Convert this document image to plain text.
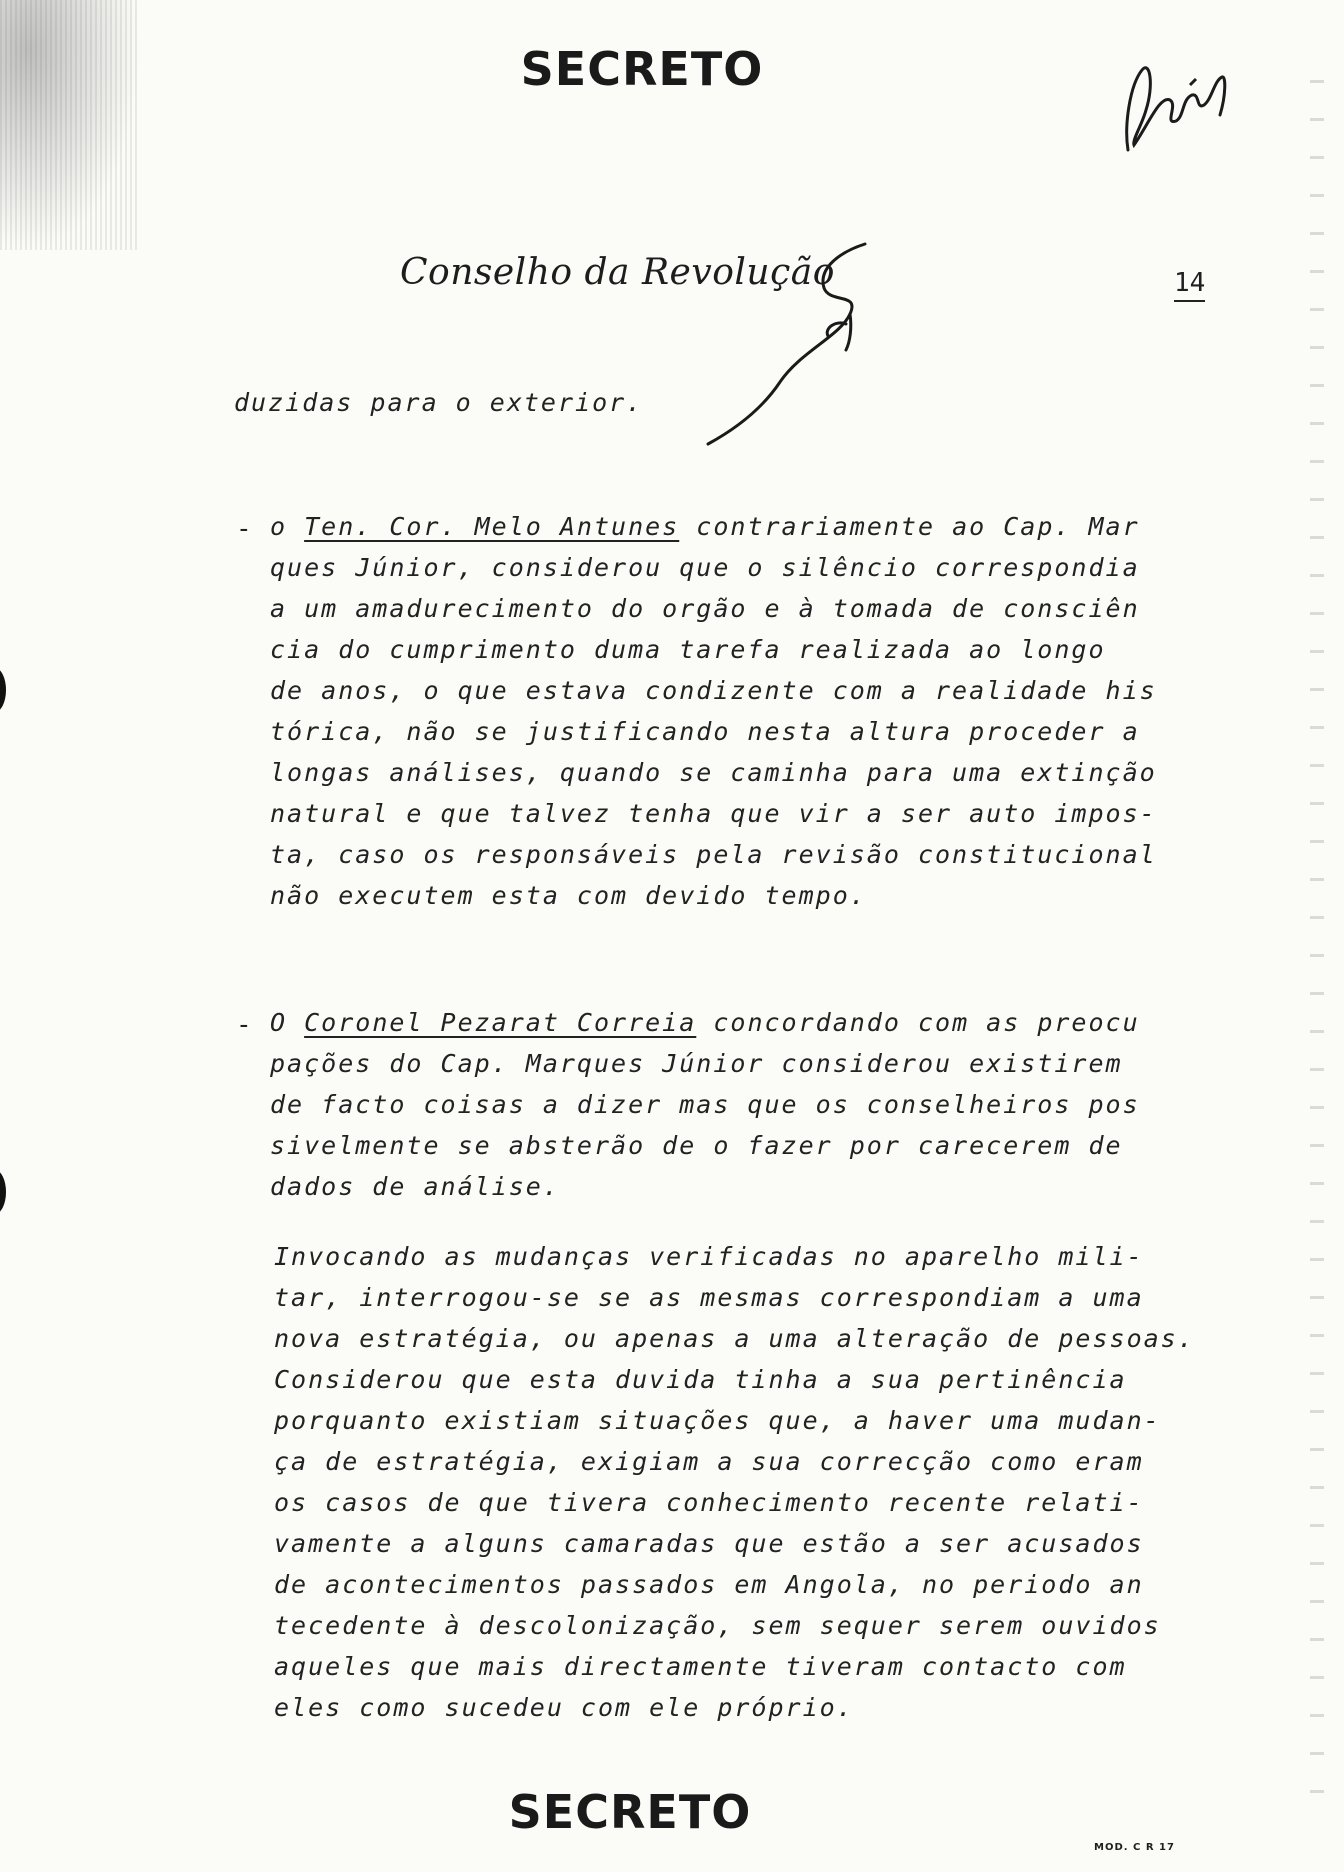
SECRETO
Conselho da Revolução	14
duzidas para o exterior.
- o Ten. Cor. Melo Antunes contrariamente ao Cap. Mar
ques Júnior, considerou que o silêncio correspondia
a um amadurecimento do orgão e à tomada de consciên
cia do cumprimento duma tarefa realizada ao longo
de anos, o que estava condizente com a realidade his
tórica, não se justificando nesta altura proceder a
longas análises, quando se caminha para uma extinção
natural e que talvez tenha que vir a ser auto impos-
ta, caso os responsáveis pela revisão constitucional
não executem esta com devido tempo.
- O Coronel Pezarat Correia concordando com as preocu
pações do Cap. Marques Júnior considerou existirem
de facto coisas a dizer mas que os conselheiros pos
sivelmente se absterão de o fazer por carecerem de
dados de análise.
Invocando as mudanças verificadas no aparelho mili-
tar, interrogou-se se as mesmas correspondiam a uma
nova estratégia, ou apenas a uma alteração de pessoas.
Considerou que esta duvida tinha a sua pertinência
porquanto existiam situações que, a haver uma mudan-
ça de estratégia, exigiam a sua correcção como eram
os casos de que tivera conhecimento recente relati-
vamente a alguns camaradas que estão a ser acusados
de acontecimentos passados em Angola, no periodo an
tecedente à descolonização, sem sequer serem ouvidos
aqueles que mais directamente tiveram contacto com
eles como sucedeu com ele próprio.
SECRETO
MOD. C R 17
